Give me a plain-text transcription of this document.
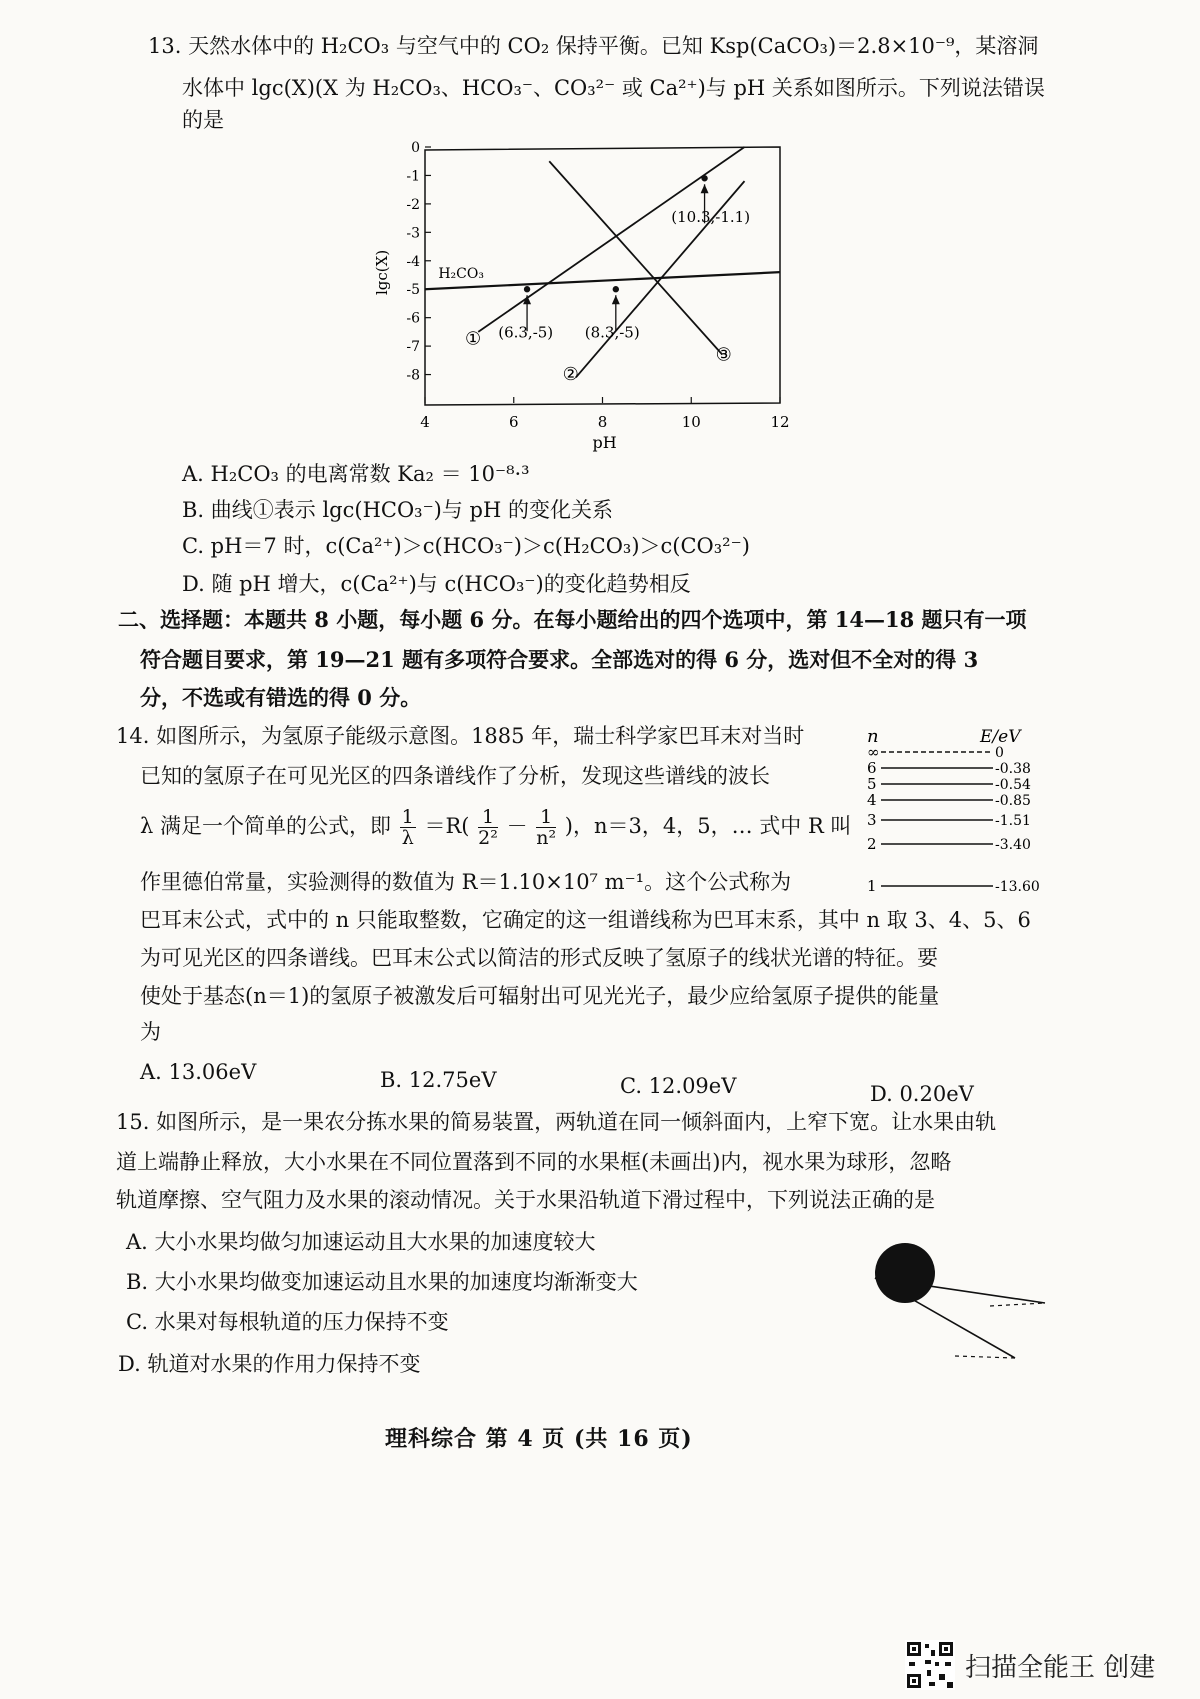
13. 天然水体中的 H₂CO₃ 与空气中的 CO₂ 保持平衡。已知 Ksp(CaCO₃)＝2.8×10⁻⁹，某溶洞
水体中 lgc(X)(X 为 H₂CO₃、HCO₃⁻、CO₃²⁻ 或 Ca²⁺)与 pH 关系如图所示。下列说法错误
的是
4	6	8	10	12
0
-1
-2
-3
-4
-5
-6
-7
-8
pH
lgc(X)	H₂CO₃
①
②
③
(10.3,-1.1)
(6.3,-5) (8.3,-5)
A. H₂CO₃ 的电离常数 Ka₂ ＝ 10⁻⁸·³
B. 曲线①表示 lgc(HCO₃⁻)与 pH 的变化关系
C. pH＝7 时，c(Ca²⁺)＞c(HCO₃⁻)＞c(H₂CO₃)＞c(CO₃²⁻)
D. 随 pH 增大，c(Ca²⁺)与 c(HCO₃⁻)的变化趋势相反
二、选择题：本题共 8 小题，每小题 6 分。在每小题给出的四个选项中，第 14—18 题只有一项
符合题目要求，第 19—21 题有多项符合要求。全部选对的得 6 分，选对但不全对的得 3
分，不选或有错选的得 0 分。
14. 如图所示，为氢原子能级示意图。1885 年，瑞士科学家巴耳末对当时
已知的氢原子在可见光区的四条谱线作了分析，发现这些谱线的波长
λ 满足一个简单的公式，即 $\frac{1}{\lambda} =R( \frac{1}{\text{2²}} - \frac{1}{\text{n²}}$ )，n＝3，4，5，… 式中 R 叫
作里德伯常量，实验测得的数值为 R＝1.10×10⁷ m⁻¹。这个公式称为
巴耳末公式，式中的 n 只能取整数，它确定的这一组谱线称为巴耳末系，其中 n 取 3、4、5、6
为可见光区的四条谱线。巴耳末公式以简洁的形式反映了氢原子的线状光谱的特征。要
使处于基态(n＝1)的氢原子被激发后可辐射出可见光光子，最少应给氢原子提供的能量
为
A. 13.06eV	B. 12.75eV	C. 12.09eV	D. 0.20eV
n	E/eV
∞	0
6	-0.38
5	-0.54
4	-0.85
3	-1.51
2	-3.40
1	-13.60
15. 如图所示，是一果农分拣水果的简易装置，两轨道在同一倾斜面内，上窄下宽。让水果由轨
道上端静止释放，大小水果在不同位置落到不同的水果框(未画出)内，视水果为球形，忽略
轨道摩擦、空气阻力及水果的滚动情况。关于水果沿轨道下滑过程中，下列说法正确的是
A. 大小水果均做匀加速运动且大水果的加速度较大
B. 大小水果均做变加速运动且水果的加速度均渐渐变大
C. 水果对每根轨道的压力保持不变
D. 轨道对水果的作用力保持不变
理科综合 第 4 页 (共 16 页)
扫描全能王 创建
